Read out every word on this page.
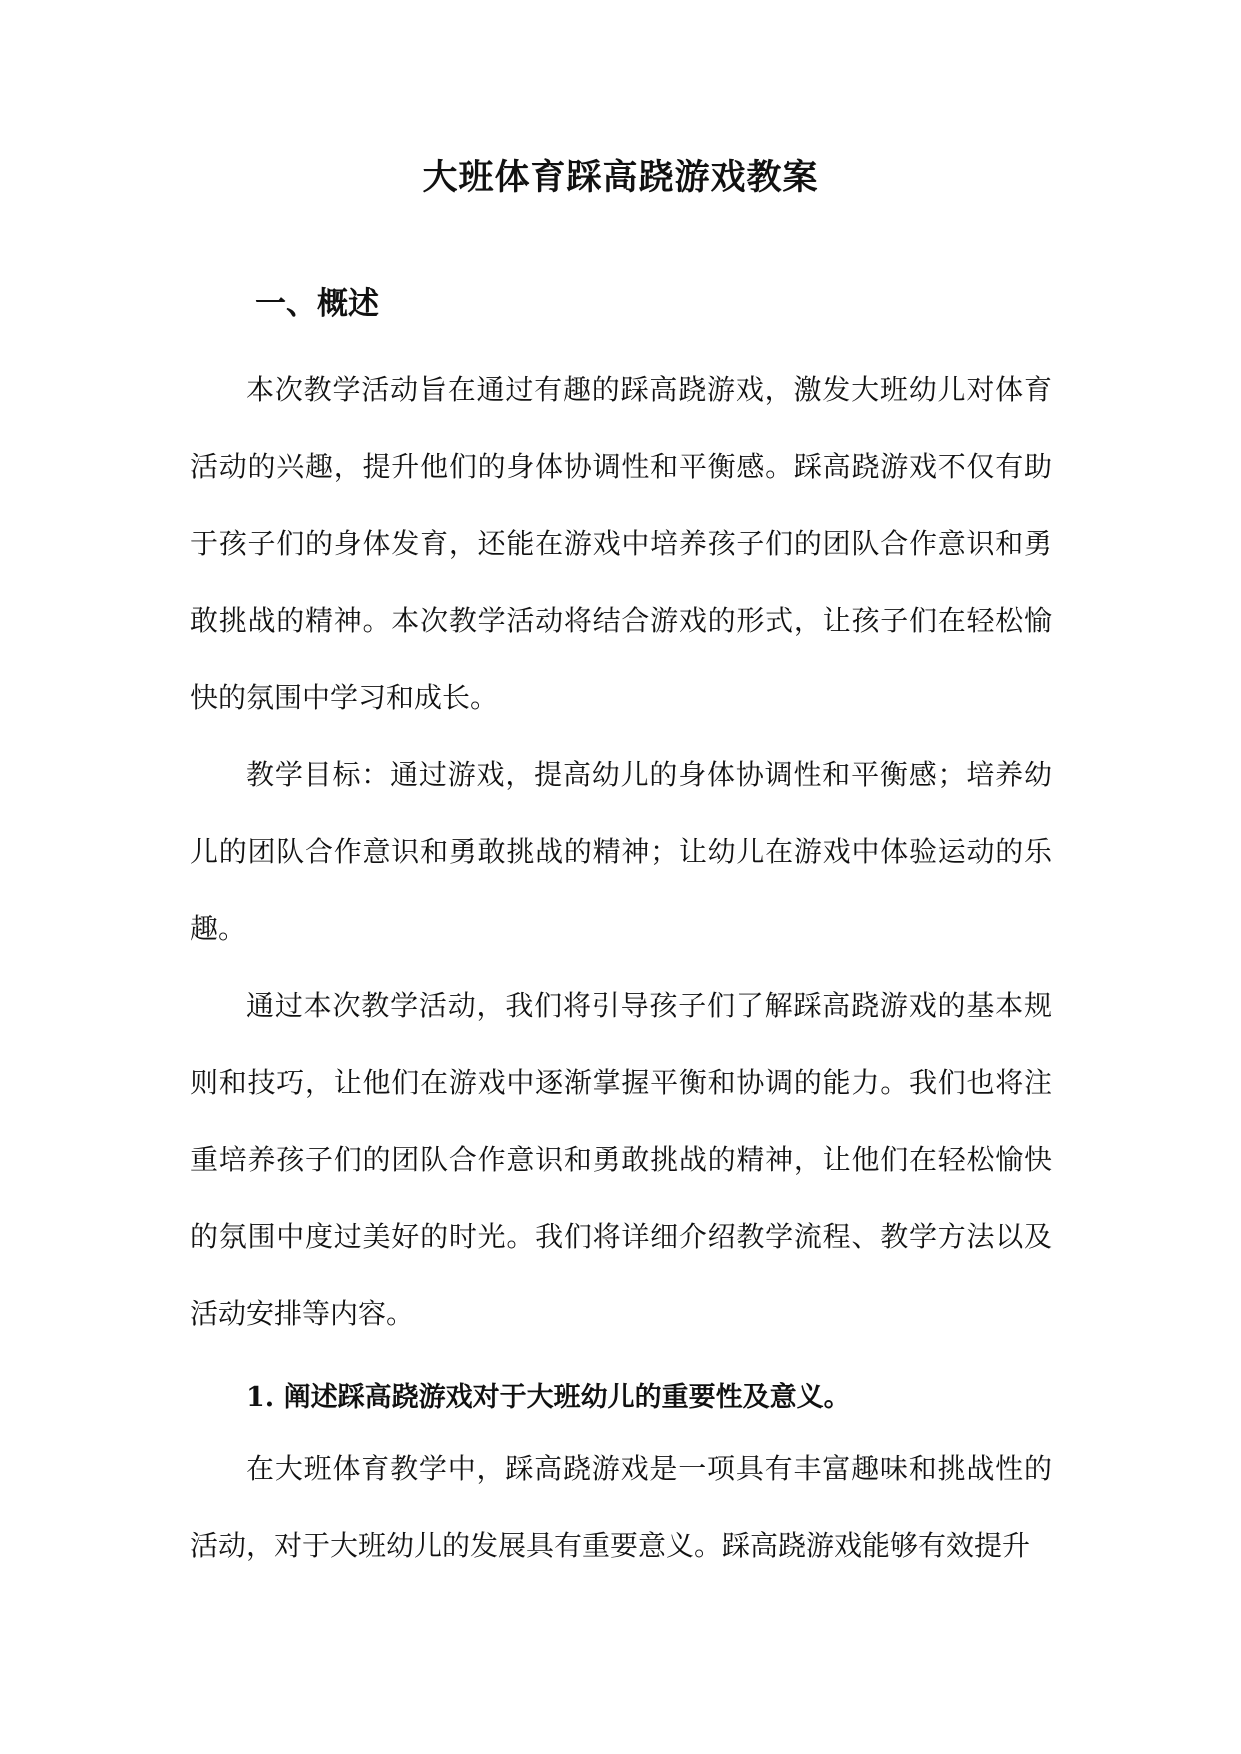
大班体育踩高跷游戏教案
一、概述

本次教学活动旨在通过有趣的踩高跷游戏，激发大班幼儿对体育活动的兴趣，提升他们的身体协调性和平衡感。踩高跷游戏不仅有助于孩子们的身体发育，还能在游戏中培养孩子们的团队合作意识和勇敢挑战的精神。本次教学活动将结合游戏的形式，让孩子们在轻松愉快的氛围中学习和成长。

教学目标：通过游戏，提高幼儿的身体协调性和平衡感；培养幼儿的团队合作意识和勇敢挑战的精神；让幼儿在游戏中体验运动的乐趣。

通过本次教学活动，我们将引导孩子们了解踩高跷游戏的基本规则和技巧，让他们在游戏中逐渐掌握平衡和协调的能力。我们也将注重培养孩子们的团队合作意识和勇敢挑战的精神，让他们在轻松愉快的氛围中度过美好的时光。我们将详细介绍教学流程、教学方法以及活动安排等内容。

1. 阐述踩高跷游戏对于大班幼儿的重要性及意义。

在大班体育教学中，踩高跷游戏是一项具有丰富趣味和挑战性的活动，对于大班幼儿的发展具有重要意义。踩高跷游戏能够有效提升
